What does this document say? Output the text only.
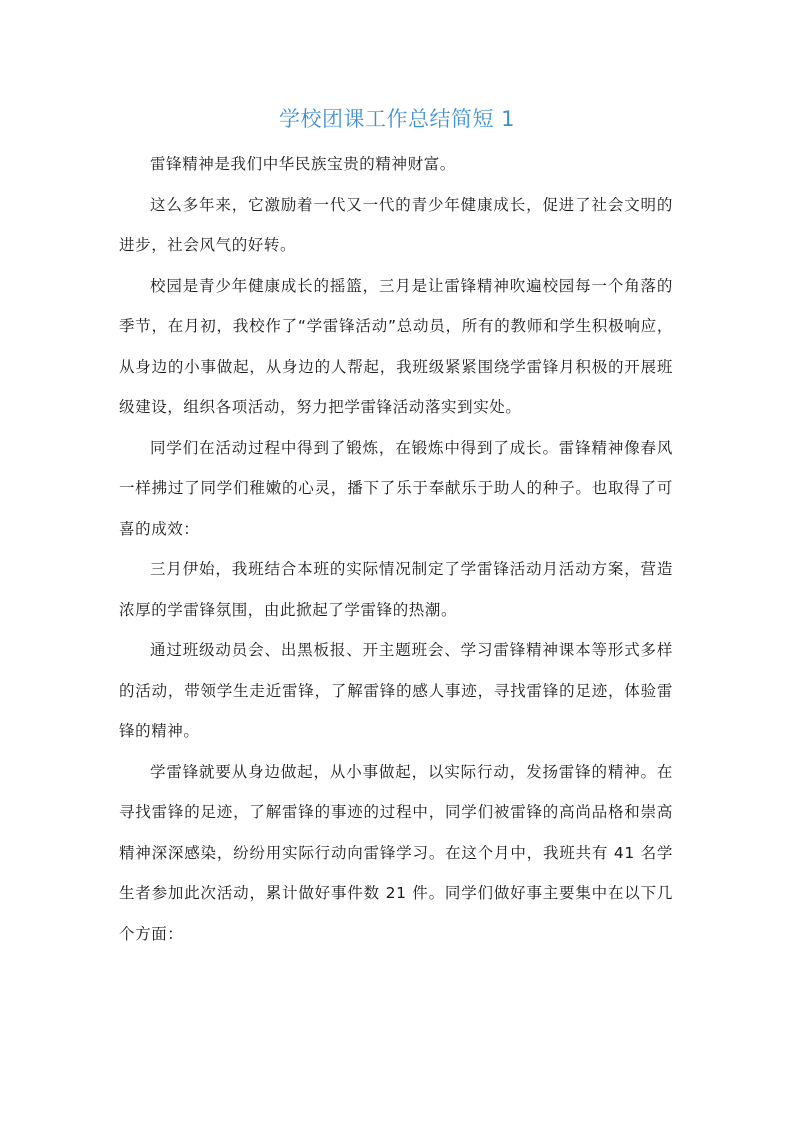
学校团课工作总结简短 1

雷锋精神是我们中华民族宝贵的精神财富。

这么多年来，它激励着一代又一代的青少年健康成长，促进了社会文明的进步，社会风气的好转。

校园是青少年健康成长的摇篮，三月是让雷锋精神吹遍校园每一个角落的季节，在月初，我校作了“学雷锋活动”总动员，所有的教师和学生积极响应，从身边的小事做起，从身边的人帮起，我班级紧紧围绕学雷锋月积极的开展班级建设，组织各项活动，努力把学雷锋活动落实到实处。

同学们在活动过程中得到了锻炼，在锻炼中得到了成长。雷锋精神像春风一样拂过了同学们稚嫩的心灵，播下了乐于奉献乐于助人的种子。也取得了可喜的成效：

三月伊始，我班结合本班的实际情况制定了学雷锋活动月活动方案，营造浓厚的学雷锋氛围，由此掀起了学雷锋的热潮。

通过班级动员会、出黑板报、开主题班会、学习雷锋精神课本等形式多样的活动，带领学生走近雷锋，了解雷锋的感人事迹，寻找雷锋的足迹，体验雷锋的精神。

学雷锋就要从身边做起，从小事做起，以实际行动，发扬雷锋的精神。在寻找雷锋的足迹，了解雷锋的事迹的过程中，同学们被雷锋的高尚品格和崇高精神深深感染，纷纷用实际行动向雷锋学习。在这个月中，我班共有 41 名学生者参加此次活动，累计做好事件数 21 件。同学们做好事主要集中在以下几个方面：
